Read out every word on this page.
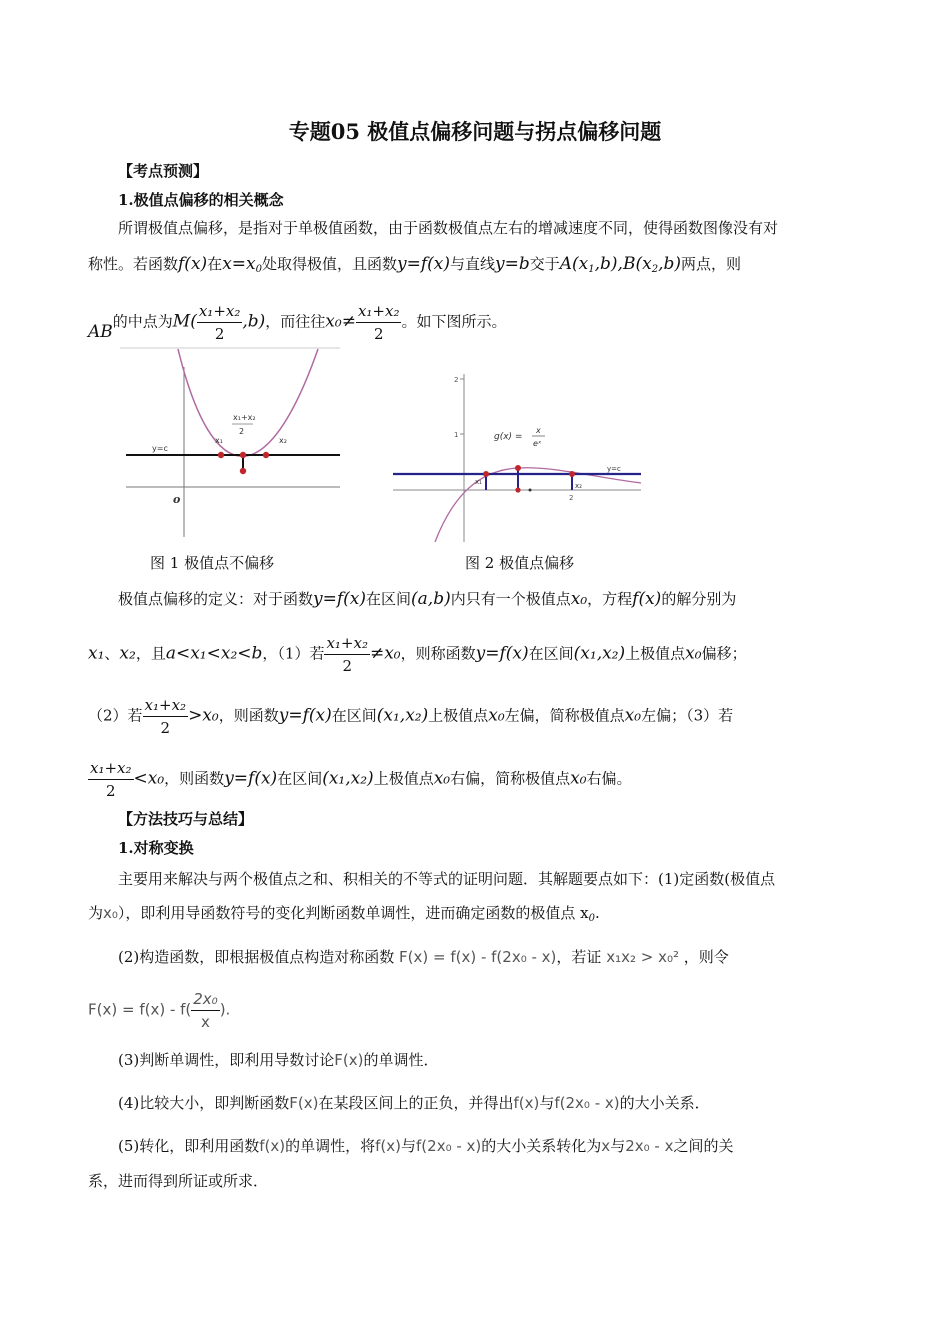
专题05 极值点偏移问题与拐点偏移问题
【考点预测】
1.极值点偏移的相关概念
所谓极值点偏移，是指对于单极值函数，由于函数极值点左右的增减速度不同，使得函数图像没有对
称性。若函数f(x)在$x=x_0$处取得极值，且函数y=f(x)与直线y=b交于$A(x_1,b),B(x_2,b)$两点，则
AB的中点为$M( \frac{\text{x₁+x₂}}{2} ,b)$，而往往$x_0\ne \frac{\text{x₁+x₂}}{2}$ 。如下图所示。
y=c
x₁	x₂
x₁+x₂
2
o
2
1	g(x) =
x
eˣ
y=c
x₁	x₂
2
图 1 极值点不偏移	图 2 极值点偏移
极值点偏移的定义：对于函数y=f(x)在区间(a,b)内只有一个极值点x₀，方程f(x)的解分别为
x₁、x₂，且a<x₁<x₂<b，（1）若 $\frac{\text{x₁+x₂}}{2} \ne x_0$，则称函数y=f(x)在区间(x₁,x₂)上极值点x₀偏移；
（2）若 $\frac{\text{x₁+x₂}}{2} >x_0$，则函数y=f(x)在区间(x₁,x₂)上极值点x₀左偏，简称极值点x₀左偏；（3）若
$\frac{\text{x₁+x₂}}{2} <x_0$，则函数y=f(x)在区间(x₁,x₂)上极值点x₀右偏，简称极值点x₀右偏。
【方法技巧与总结】
1.对称变换
主要用来解决与两个极值点之和、积相关的不等式的证明问题．其解题要点如下：(1)定函数(极值点
为x₀），即利用导函数符号的变化判断函数单调性，进而确定函数的极值点 $x_0$.
(2)构造函数，即根据极值点构造对称函数 F(x) = f(x) - f(2x₀ - x)，若证 x₁x₂ > x₀² ，则令
$F(x) = f(x) - f( \frac{\text{2x₀}}{x}$ ).
(3)判断单调性，即利用导数讨论F(x)的单调性．
(4)比较大小，即判断函数F(x)在某段区间上的正负，并得出f(x)与f(2x₀ - x)的大小关系．
(5)转化，即利用函数f(x)的单调性，将f(x)与f(2x₀ - x)的大小关系转化为x与2x₀ - x之间的关
系，进而得到所证或所求．
